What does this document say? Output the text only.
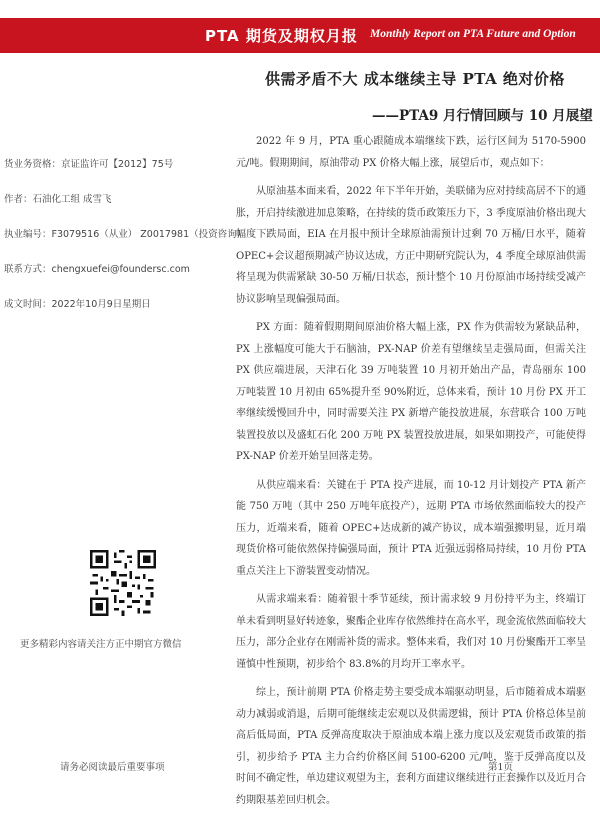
PTA 期货及期权月报 Monthly Report on PTA Future and Option
供需矛盾不大 成本继续主导 PTA 绝对价格
——PTA9 月行情回顾与 10 月展望
货业务资格：京证监许可【2012】75号
作者：石油化工组 成雪飞
执业编号：F3079516（从业） Z0017981（投资咨询）
联系方式：chengxuefei@foundersc.com
成文时间：2022年10月9日星期日
更多精彩内容请关注方正中期官方微信

2022 年 9 月，PTA 重心跟随成本端继续下跌，运行区间为 5170-5900 元/吨。假期期间，原油带动 PX 价格大幅上涨，展望后市，观点如下：

从原油基本面来看，2022 年下半年开始，美联储为应对持续高居不下的通胀，开启持续激进加息策略，在持续的货币政策压力下，3 季度原油价格出现大幅度下跌局面，EIA 在月报中预计全球原油需预计过剩 70 万桶/日水平，随着 OPEC+会议超预期减产协议达成，方正中期研究院认为，4 季度全球原油供需将呈现为供需紧缺 30-50 万桶/日状态，预计整个 10 月份原油市场持续受减产协议影响呈现偏强局面。

PX 方面：随着假期期间原油价格大幅上涨，PX 作为供需较为紧缺品种，PX 上涨幅度可能大于石脑油，PX-NAP 价差有望继续呈走强局面，但需关注 PX 供应端进展，天津石化 39 万吨装置 10 月初开始出产品，青岛丽东 100 万吨装置 10 月初由 65%提升至 90%附近，总体来看，预计 10 月份 PX 开工率继续缓慢回升中，同时需要关注 PX 新增产能投放进展，东营联合 100 万吨装置投放以及盛虹石化 200 万吨 PX 装置投放进展，如果如期投产，可能使得 PX-NAP 价差开始呈回落走势。

从供应端来看：关键在于 PTA 投产进展，而 10-12 月计划投产 PTA 新产能 750 万吨（其中 250 万吨年底投产），远期 PTA 市场依然面临较大的投产压力，近端来看，随着 OPEC+达成新的减产协议，成本端强搬明显，近月端现货价格可能依然保持偏强局面，预计 PTA 近强远弱格局持续，10 月份 PTA 重点关注上下游装置变动情况。

从需求端来看：随着银十季节延续，预计需求较 9 月份持平为主，终端订单未看到明显好转迹象，聚酯企业库存依然维持在高水平，现金流依然面临较大压力，部分企业存在刚需补货的需求。整体来看，我们对 10 月份聚酯开工率呈谨慎中性预期，初步给个 83.8%的月均开工率水平。

综上，预计前期 PTA 价格走势主要受成本端驱动明显，后市随着成本端驱动力减弱或消退，后期可能继续走宏观以及供需逻辑，预计 PTA 价格总体呈前高后低局面，PTA 反弹高度取决于原油成本端上涨力度以及宏观货币政策的指引，初步给予 PTA 主力合约价格区间 5100-6200 元/吨，鉴于反弹高度以及时间不确定性，单边建议观望为主，套利方面建议继续进行正套操作以及近月合约期限基差回归机会。

请务必阅读最后重要事项	第1页
